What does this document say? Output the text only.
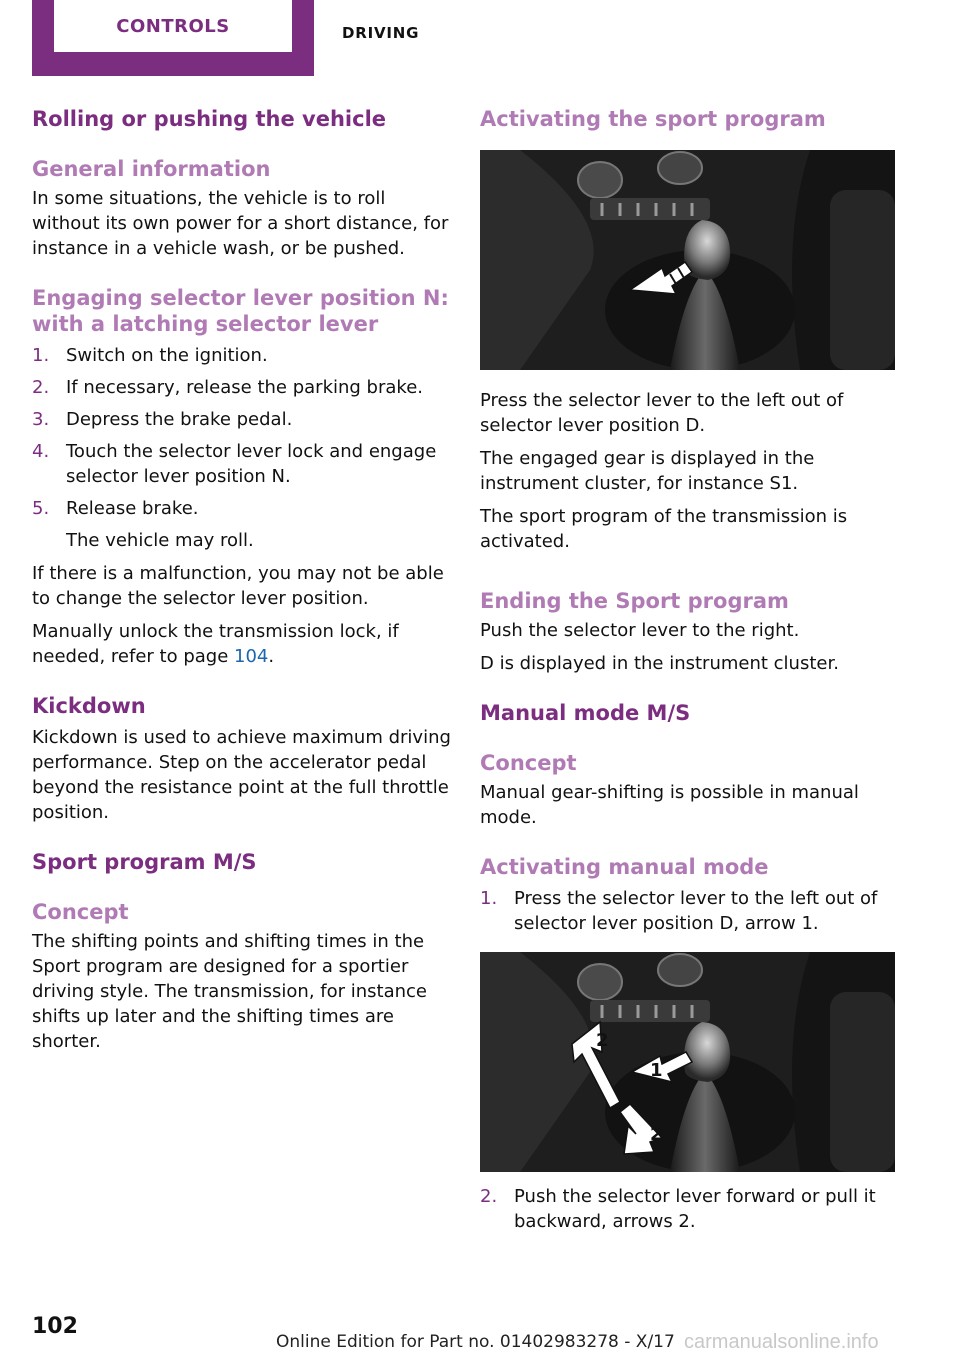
CONTROLS	DRIVING
Rolling or pushing the vehicle
General information

In some situations, the vehicle is to roll without its own power for a short distance, for instance in a vehicle wash, or be pushed.

Engaging selector lever position N: with a latching selector lever
1. Switch on the ignition.
2. If necessary, release the parking brake.
3. Depress the brake pedal.
4. Touch the selector lever lock and engage selector lever position N.
5. Release brake.

The vehicle may roll.

If there is a malfunction, you may not be able to change the selector lever position.

Manually unlock the transmission lock, if needed, refer to page 104.

Kickdown

Kickdown is used to achieve maximum driving performance. Step on the accelerator pedal beyond the resistance point at the full throttle position.

Sport program M/S
Concept

The shifting points and shifting times in the Sport program are designed for a sportier driving style. The transmission, for instance shifts up later and the shifting times are shorter.

Activating the sport program

Press the selector lever to the left out of selector lever position D.

The engaged gear is displayed in the instrument cluster, for instance S1.

The sport program of the transmission is activated.

Ending the Sport program

Push the selector lever to the right.

D is displayed in the instrument cluster.

Manual mode M/S
Concept

Manual gear-shifting is possible in manual mode.

Activating manual mode
1. Press the selector lever to the left out of selector lever position D, arrow 1.
2
1
2
2. Push the selector lever forward or pull it backward, arrows 2.
102
Online Edition for Part no. 01402983278 - X/17 carmanualsonline.info
